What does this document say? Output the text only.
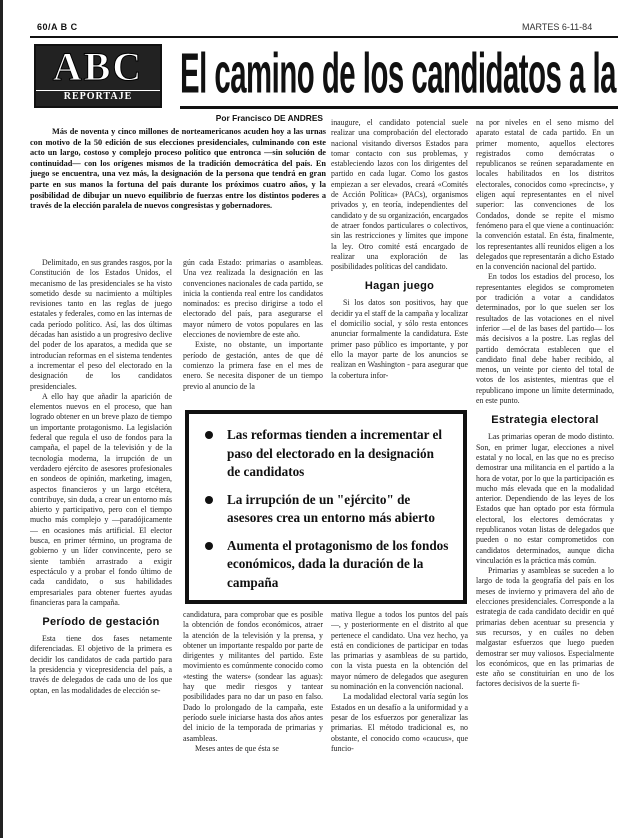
60/A B C	MARTES 6-11-84
ABC
REPORTAJE El camino de los candidatos a la
Por Francisco DE ANDRES
Más de noventa y cinco millones de norteamericanos acuden hoy a las urnas con motivo de la 50 edición de sus elecciones presidenciales, culminando con este acto un largo, costoso y complejo proceso político que entronca —sin solución de continuidad— con los orígenes mismos de la tradición democrática del país. En juego se encuentra, una vez más, la designación de la persona que tendrá en gran parte en sus manos la fortuna del país durante los próximos cuatro años, y la posibilidad de dibujar un nuevo equilibrio de fuerzas entre los distintos poderes a través de la elección paralela de nuevos congresistas y gobernadores.

Delimitado, en sus grandes rasgos, por la Constitución de los Estados Unidos, el mecanismo de las presidenciales se ha visto sometido desde su nacimiento a múltiples revisiones tanto en las reglas de juego estatales y federales, como en las internas de cada período político. Así, las dos últimas décadas han asistido a un progresivo declive del poder de los aparatos, a medida que se introducían reformas en el sistema tendentes a incrementar el peso del electorado en la designación de los candidatos presidenciales.

A ello hay que añadir la aparición de elementos nuevos en el proceso, que han logrado obtener en un breve plazo de tiempo un importante protagonismo. La legislación federal que regula el uso de fondos para la campaña, el papel de la televisión y de la tecnología moderna, la irrupción de un verdadero ejército de asesores profesionales en sondeos de opinión, marketing, imagen, aspectos financieros y un largo etcétera, contribuye, sin duda, a crear un entorno más abierto y participativo, pero con el tiempo mucho más complejo y —paradójicamente— en ocasiones más artificial. El elector busca, en primer término, un programa de gobierno y un líder convincente, pero se siente también arrastrado a exigir espectáculo y a probar el fondo último de cada candidato, o sus habilidades empresariales para obtener fuertes ayudas financieras para la campaña.

Período de gestación

Esta tiene dos fases netamente diferenciadas. El objetivo de la primera es decidir los candidatos de cada partido para la presidencia y vicepresidencia del país, a través de delegados de cada uno de los que optan, en las modalidades de elección se-

gún cada Estado: primarias o asambleas. Una vez realizada la designación en las convenciones nacionales de cada partido, se inicia la contienda real entre los candidatos nominados: es preciso dirigirse a todo el electorado del país, para asegurarse el mayor número de votos populares en las elecciones de noviembre de este año.

Existe, no obstante, un importante período de gestación, antes de que dé comienzo la primera fase en el mes de enero. Se necesita disponer de un tiempo previo al anuncio de la

inaugure, el candidato potencial suele realizar una comprobación del electorado nacional visitando diversos Estados para tomar contacto con sus problemas, y estableciendo lazos con los dirigentes del partido en cada lugar. Como los gastos empiezan a ser elevados, creará «Comités de Acción Política» (PACs), organismos privados y, en teoría, independientes del candidato y de su organización, encargados de atraer fondos particulares o colectivos, sin las restricciones y límites que impone la ley. Otro comité está encargado de realizar una exploración de las posibilidades políticas del candidato.

Hagan juego

Si los datos son positivos, hay que decidir ya el staff de la campaña y localizar el domicilio social, y sólo resta entonces anunciar formalmente la candidatura. Este primer paso público es importante, y por ello la mayor parte de los anuncios se realizan en Washington - para asegurar que la cobertura infor-

Las reformas tienden a incrementar el paso del electorado en la designación de candidatos
La irrupción de un "ejército" de asesores crea un entorno más abierto
Aumenta el protagonismo de los fondos económicos, dada la duración de la campaña

candidatura, para comprobar que es posible la obtención de fondos económicos, atraer la atención de la televisión y la prensa, y obtener un importante respaldo por parte de dirigentes y militantes del partido. Este movimiento es comúnmente conocido como «testing the waters» (sondear las aguas): hay que medir riesgos y tantear posibilidades para no dar un paso en falso. Dado lo prolongado de la campaña, este período suele iniciarse hasta dos años antes del inicio de la temporada de primarias y asambleas.

Meses antes de que ésta se

mativa llegue a todos los puntos del país—, y posteriormente en el distrito al que pertenece el candidato. Una vez hecho, ya está en condiciones de participar en todas las primarias y asambleas de su partido, con la vista puesta en la obtención del mayor número de delegados que aseguren su nominación en la convención nacional.

La modalidad electoral varía según los Estados en un desafío a la uniformidad y a pesar de los esfuerzos por generalizar las primarias. El método tradicional es, no obstante, el conocido como «caucus», que funcio-

na por niveles en el seno mismo del aparato estatal de cada partido. En un primer momento, aquellos electores registrados como demócratas o republicanos se reúnen separadamente en locales habilitados en los distritos electorales, conocidos como «precincts», y eligen aquí representantes en el nivel superior: las convenciones de los Condados, donde se repite el mismo fenómeno para el que viene a continuación: la convención estatal. En ésta, finalmente, los representantes allí reunidos eligen a los delegados que representarán a dicho Estado en la convención nacional del partido.

En todos los estadios del proceso, los representantes elegidos se comprometen por tradición a votar a candidatos determinados, por lo que suelen ser los resultados de las votaciones en el nivel inferior —el de las bases del partido— los más decisivos a la postre. Las reglas del partido demócrata establecen que el candidato final debe haber recibido, al menos, un veinte por ciento del total de votos de los asistentes, mientras que el republicano impone un límite determinado, en este punto.

Estrategia electoral

Las primarias operan de modo distinto. Son, en primer lugar, elecciones a nivel estatal y no local, en las que no es preciso demostrar una militancia en el partido a la hora de votar, por lo que la participación es mucho más elevada que en la modalidad anterior. Dependiendo de las leyes de los Estados que han optado por esta fórmula electoral, los electores demócratas y republicanos votan listas de delegados que pueden o no estar comprometidos con candidatos determinados, aunque dicha vinculación es la práctica más común.

Primarias y asambleas se suceden a lo largo de toda la geografía del país en los meses de invierno y primavera del año de elecciones presidenciales. Corresponde a la estrategia de cada candidato decidir en qué primarias deben acentuar su presencia y sus recursos, y en cuáles no deben malgastar esfuerzos que luego pueden demostrar ser muy valiosos. Especialmente los económicos, que en las primarias de este año se constituirían en uno de los factores decisivos de la suerte fi-
